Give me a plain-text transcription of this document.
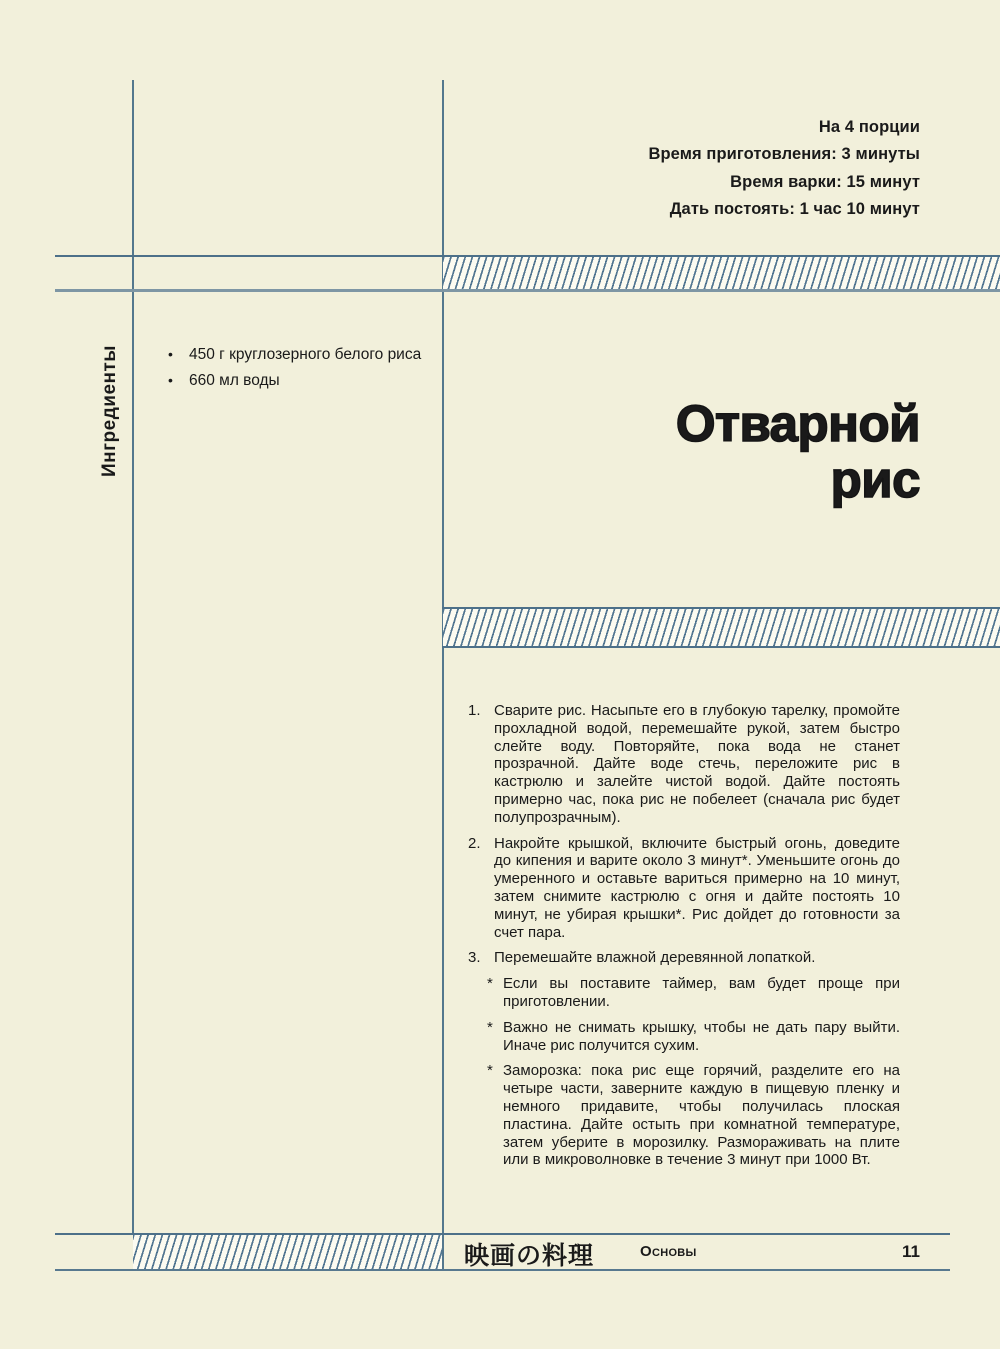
На 4 порции
Время приготовления: 3 минуты
Время варки: 15 минут
Дать постоять: 1 час 10 минут
Ингредиенты	•	450 г круглозерного белого риса
•	660 мл воды
Отварной
рис
1. Сварите рис. Насыпьте его в глубокую тарелку, промойте прохладной водой, перемешайте рукой, затем быстро слейте воду. Повторяйте, пока вода не станет прозрачной. Дайте воде стечь, переложите рис в кастрюлю и залейте чистой водой. Дайте постоять примерно час, пока рис не побелеет (сначала рис будет полупрозрачным).
2. Накройте крышкой, включите быстрый огонь, доведите до кипения и варите около 3 минут*. Уменьшите огонь до умеренного и оставьте вариться примерно на 10 минут, затем снимите кастрюлю с огня и дайте постоять 10 минут, не убирая крышки*. Рис дойдет до готовности за счет пара.
3. Перемешайте влажной деревянной лопаткой.
* Если вы поставите таймер, вам будет проще при приготовлении.
* Важно не снимать крышку, чтобы не дать пару выйти. Иначе рис получится сухим.
* Заморозка: пока рис еще горячий, разделите его на четыре части, заверните каждую в пищевую пленку и немного придавите, чтобы получилась плоская пластина. Дайте остыть при комнатной температуре, затем уберите в морозилку. Размораживать на плите или в микроволновке в течение 3 минут при 1000 Вт.
映画の料理	Основы	11
